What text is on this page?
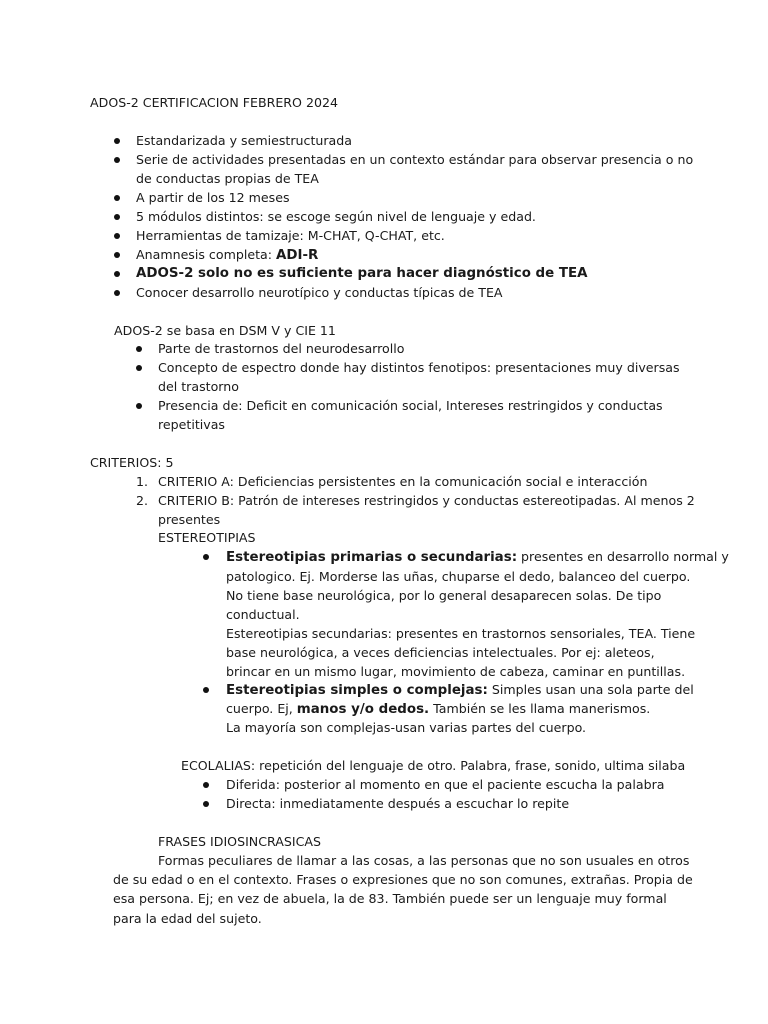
ADOS-2 CERTIFICACION FEBRERO 2024
Estandarizada y semiestructurada
Serie de actividades presentadas en un contexto estándar para observar presencia o no
de conductas propias de TEA
A partir de los 12 meses
5 módulos distintos: se escoge según nivel de lenguaje y edad.
Herramientas de tamizaje: M-CHAT, Q-CHAT, etc.
Anamnesis completa: ADI-R
ADOS-2 solo no es suficiente para hacer diagnóstico de TEA
Conocer desarrollo neurotípico y conductas típicas de TEA
ADOS-2 se basa en DSM V y CIE 11
Parte de trastornos del neurodesarrollo
Concepto de espectro donde hay distintos fenotipos: presentaciones muy diversas
del trastorno
Presencia de: Deficit en comunicación social, Intereses restringidos y conductas
repetitivas
CRITERIOS: 5
1. CRITERIO A: Deficiencias persistentes en la comunicación social e interacción
2. CRITERIO B: Patrón de intereses restringidos y conductas estereotipadas. Al menos 2
presentes
ESTEREOTIPIAS
Estereotipias primarias o secundarias: presentes en desarrollo normal y
patologico. Ej. Morderse las uñas, chuparse el dedo, balanceo del cuerpo.
No tiene base neurológica, por lo general desaparecen solas. De tipo
conductual.
Estereotipias secundarias: presentes en trastornos sensoriales, TEA. Tiene
base neurológica, a veces deficiencias intelectuales. Por ej: aleteos,
brincar en un mismo lugar, movimiento de cabeza, caminar en puntillas.
Estereotipias simples o complejas: Simples usan una sola parte del
cuerpo. Ej, manos y/o dedos. También se les llama manerismos.
La mayoría son complejas-usan varias partes del cuerpo.
ECOLALIAS: repetición del lenguaje de otro. Palabra, frase, sonido, ultima silaba
Diferida: posterior al momento en que el paciente escucha la palabra
Directa: inmediatamente después a escuchar lo repite
FRASES IDIOSINCRASICAS
Formas peculiares de llamar a las cosas, a las personas que no son usuales en otros
de su edad o en el contexto. Frases o expresiones que no son comunes, extrañas. Propia de
esa persona. Ej; en vez de abuela, la de 83. También puede ser un lenguaje muy formal
para la edad del sujeto.
